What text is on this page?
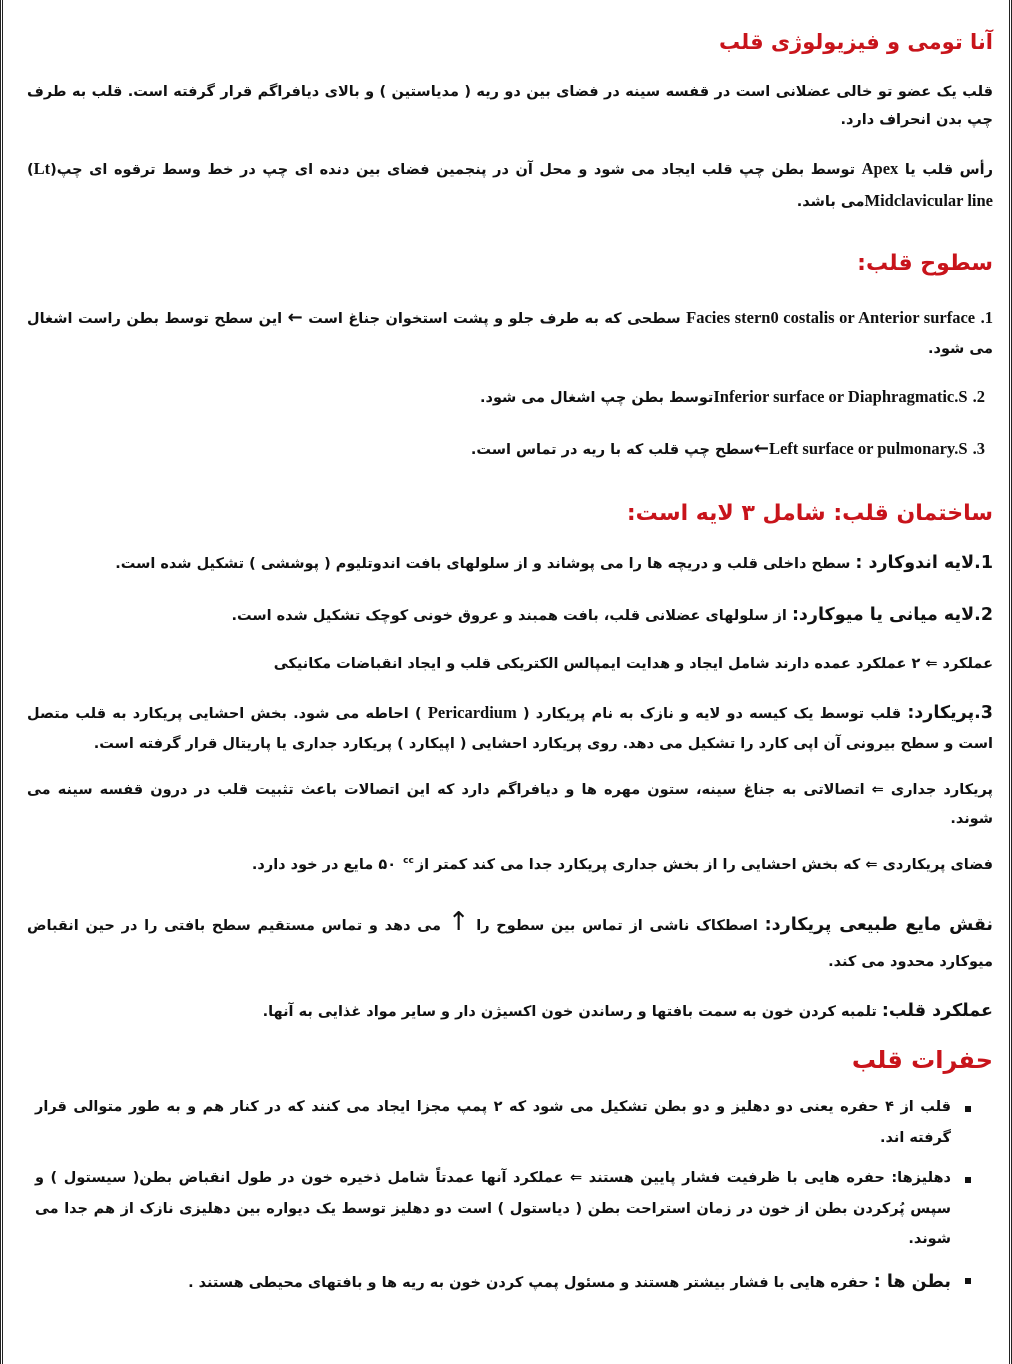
آنا تومی و فیزیولوژی قلب

قلب یک عضو تو خالی عضلانی است در قفسه سینه در فضای بین دو ریه ( مدیاستین ) و بالای دیافراگم قرار گرفته است. قلب به طرف چپ بدن انحراف دارد.

رأس قلب یا Apex توسط بطن چپ قلب ایجاد می شود و محل آن در پنجمین فضای بین دنده ای چپ در خط وسط ترقوه ای چپ(Lt) Midclavicular lineمی باشد.

سطوح قلب:

.1 Facies stern0 costalis or Anterior surface سطحی که به طرف جلو و پشت استخوان جناغ است ← این سطح توسط بطن راست اشغال می شود.

.2 Inferior surface or Diaphragmatic.Sتوسط بطن چپ اشغال می شود.

.3 Left surface or pulmonary.S←سطح چپ قلب که با ریه در تماس است.

ساختمان قلب: شامل ۳ لایه است:

1.لایه اندوکارد : سطح داخلی قلب و دریچه ها را می پوشاند و از سلولهای بافت اندوتلیوم ( پوششی ) تشکیل شده است.

2.لایه میانی یا میوکارد: از سلولهای عضلانی قلب، بافت همبند و عروق خونی کوچک تشکیل شده است.

عملکرد ⇐ ۲ عملکرد عمده دارند شامل ایجاد و هدایت ایمپالس الکتریکی قلب و ایجاد انقباضات مکانیکی

3.پریکارد: قلب توسط یک کیسه دو لایه و نازک به نام پریکارد ( Pericardium ) احاطه می شود. بخش احشایی پریکارد به قلب متصل است و سطح بیرونی آن اپی کارد را تشکیل می دهد. روی پریکارد احشایی ( اپیکارد ) پریکارد جداری یا پاریتال قرار گرفته است.

پریکارد جداری ⇐ اتصالاتی به جناغ سینه، ستون مهره ها و دیافراگم دارد که این اتصالات باعث تثبیت قلب در درون قفسه سینه می شوند.

فضای پریکاردی ⇐ که بخش احشایی را از بخش جداری پریکارد جدا می کند کمتر از$^{cc}$ ۵۰ مایع در خود دارد.

نقش مایع طبیعی پریکارد: اصطکاک ناشی از تماس بین سطوح را ↑ می دهد و تماس مستقیم سطح بافتی را در حین انقباض میوکارد محدود می کند.

عملکرد قلب: تلمبه کردن خون به سمت بافتها و رساندن خون اکسیژن دار و سایر مواد غذایی به آنها.

حفرات قلب
قلب از ۴ حفره یعنی دو دهلیز و دو بطن تشکیل می شود که ۲ پمپ مجزا ایجاد می کنند که در کنار هم و به طور متوالی قرار گرفته اند.
دهلیزها: حفره هایی با ظرفیت فشار پایین هستند ⇐ عملکرد آنها عمدتاً شامل ذخیره خون در طول انقباض بطن( سیستول ) و سپس پُرکردن بطن از خون در زمان استراحت بطن ( دیاستول ) است دو دهلیز توسط یک دیواره بین دهلیزی نازک از هم جدا می شوند.
بطن ها : حفره هایی با فشار بیشتر هستند و مسئول پمپ کردن خون به ریه ها و بافتهای محیطی هستند .
